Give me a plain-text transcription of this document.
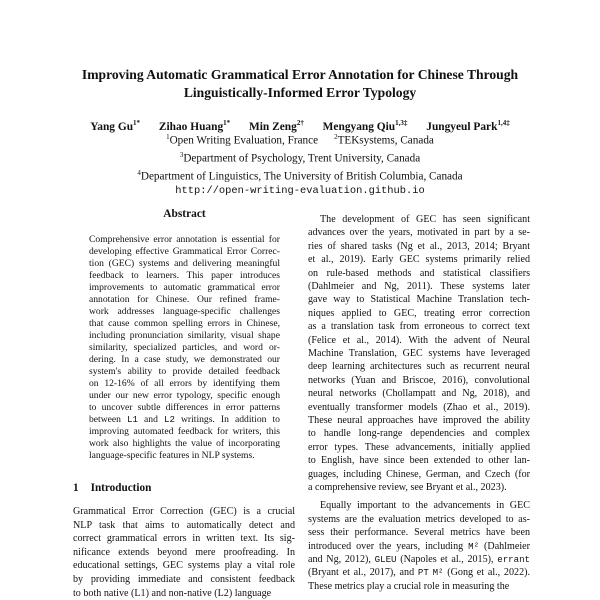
Improving Automatic Grammatical Error Annotation for Chinese Through
Linguistically-Informed Error Typology
Yang $Gu^{1*}$ Zihao Huang$^{1*}$ Min Zeng$^{2\dagger}$ Mengyang Qiu$^{1,3\ddagger}$ Jungyeul Park$^{1,4\ddagger}$
$^1$Open Writing Evaluation, France $^2$TEKsystems, Canada
$^3$Department of Psychology, Trent University, Canada
$^4$Department of Linguistics, The University of British Columbia, Canada
http://open-writing-evaluation.github.io
Abstract
Comprehensive error annotation is essential for
developing effective Grammatical Error Correc-
tion (GEC) systems and delivering meaningful
feedback to learners. This paper introduces
improvements to automatic grammatical error
annotation for Chinese. Our refined frame-
work addresses language-specific challenges
that cause common spelling errors in Chinese,
including pronunciation similarity, visual shape
similarity, specialized particles, and word or-
dering. In a case study, we demonstrated our
system's ability to provide detailed feedback
on 12-16% of all errors by identifying them
under our new error typology, specific enough
to uncover subtle differences in error patterns
between L1 and L2 writings. In addition to
improving automated feedback for writers, this
work also highlights the value of incorporating
language-specific features in NLP systems.
1 Introduction
Grammatical Error Correction (GEC) is a crucial
NLP task that aims to automatically detect and
correct grammatical errors in written text. Its sig-
nificance extends beyond mere proofreading. In
educational settings, GEC systems play a vital role
by providing immediate and consistent feedback
to both native (L1) and non-native (L2) language
The development of GEC has seen significant
advances over the years, motivated in part by a se-
ries of shared tasks (Ng et al., 2013, 2014; Bryant
et al., 2019). Early GEC systems primarily relied
on rule-based methods and statistical classifiers
(Dahlmeier and Ng, 2011). These systems later
gave way to Statistical Machine Translation tech-
niques applied to GEC, treating error correction
as a translation task from erroneous to correct text
(Felice et al., 2014). With the advent of Neural
Machine Translation, GEC systems have leveraged
deep learning architectures such as recurrent neural
networks (Yuan and Briscoe, 2016), convolutional
neural networks (Chollampatt and Ng, 2018), and
eventually transformer models (Zhao et al., 2019).
These neural approaches have improved the ability
to handle long-range dependencies and complex
error types. These advancements, initially applied
to English, have since been extended to other lan-
guages, including Chinese, German, and Czech (for
a comprehensive review, see Bryant et al., 2023).
Equally important to the advancements in GEC
systems are the evaluation metrics developed to as-
sess their performance. Several metrics have been
introduced over the years, including M² (Dahlmeier
and Ng, 2012), GLEU (Napoles et al., 2015), errant
(Bryant et al., 2017), and PT M² (Gong et al., 2022).
These metrics play a crucial role in measuring the
